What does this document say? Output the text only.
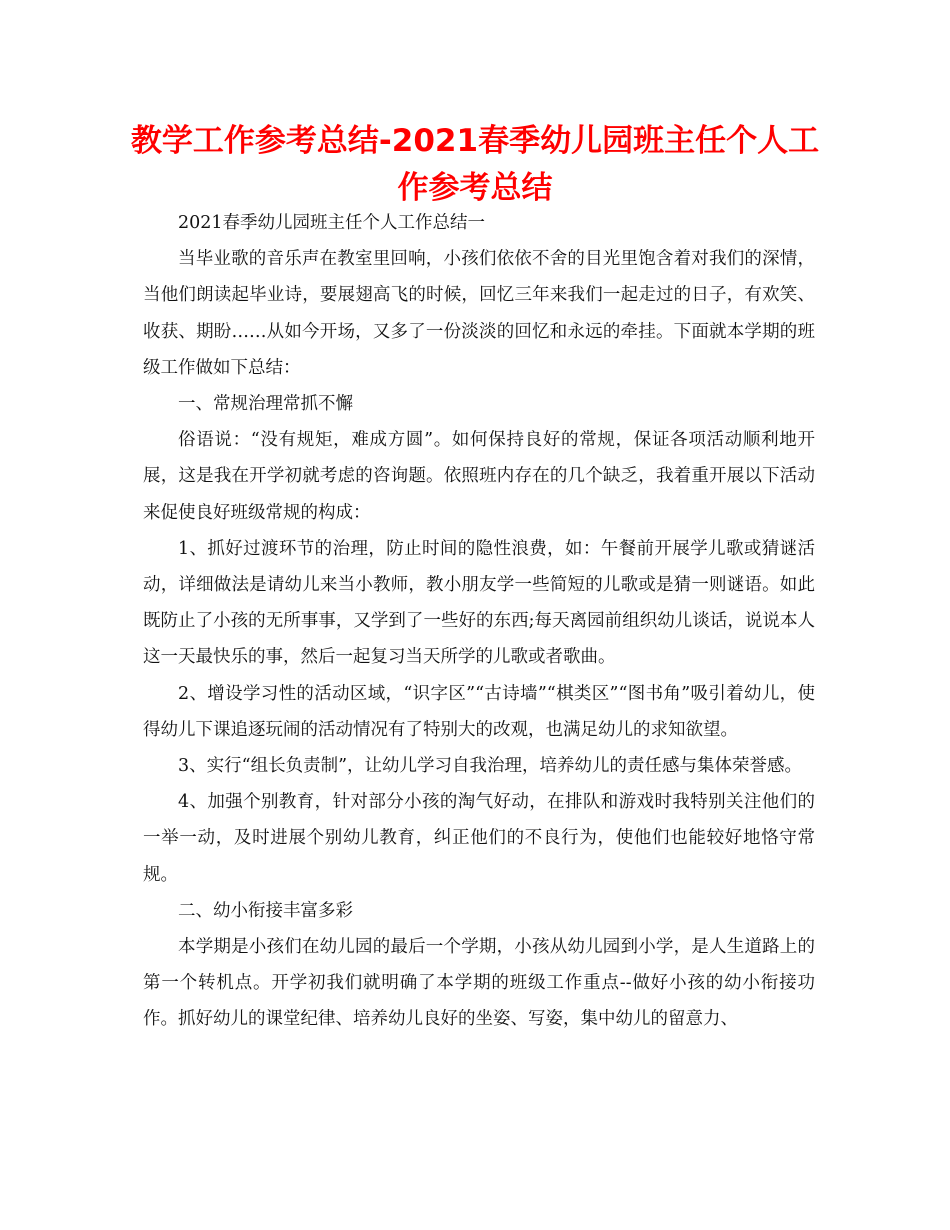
教学工作参考总结-2021春季幼儿园班主任个人工作参考总结

2021春季幼儿园班主任个人工作总结一

当毕业歌的音乐声在教室里回响，小孩们依依不舍的目光里饱含着对我们的深情，当他们朗读起毕业诗，要展翅高飞的时候，回忆三年来我们一起走过的日子，有欢笑、收获、期盼……从如今开场，又多了一份淡淡的回忆和永远的牵挂。下面就本学期的班级工作做如下总结：

一、常规治理常抓不懈

俗语说：“没有规矩，难成方圆”。如何保持良好的常规，保证各项活动顺利地开展，这是我在开学初就考虑的咨询题。依照班内存在的几个缺乏，我着重开展以下活动来促使良好班级常规的构成：

1、抓好过渡环节的治理，防止时间的隐性浪费，如：午餐前开展学儿歌或猜谜活动，详细做法是请幼儿来当小教师，教小朋友学一些简短的儿歌或是猜一则谜语。如此既防止了小孩的无所事事，又学到了一些好的东西;每天离园前组织幼儿谈话，说说本人这一天最快乐的事，然后一起复习当天所学的儿歌或者歌曲。

2、增设学习性的活动区域，“识字区”“古诗墙”“棋类区”“图书角”吸引着幼儿，使得幼儿下课追逐玩闹的活动情况有了特别大的改观，也满足幼儿的求知欲望。

3、实行“组长负责制”，让幼儿学习自我治理，培养幼儿的责任感与集体荣誉感。

4、加强个别教育，针对部分小孩的淘气好动，在排队和游戏时我特别关注他们的一举一动，及时进展个别幼儿教育，纠正他们的不良行为，使他们也能较好地恪守常规。

二、幼小衔接丰富多彩

本学期是小孩们在幼儿园的最后一个学期，小孩从幼儿园到小学，是人生道路上的第一个转机点。开学初我们就明确了本学期的班级工作重点--做好小孩的幼小衔接功作。抓好幼儿的课堂纪律、培养幼儿良好的坐姿、写姿，集中幼儿的留意力、
